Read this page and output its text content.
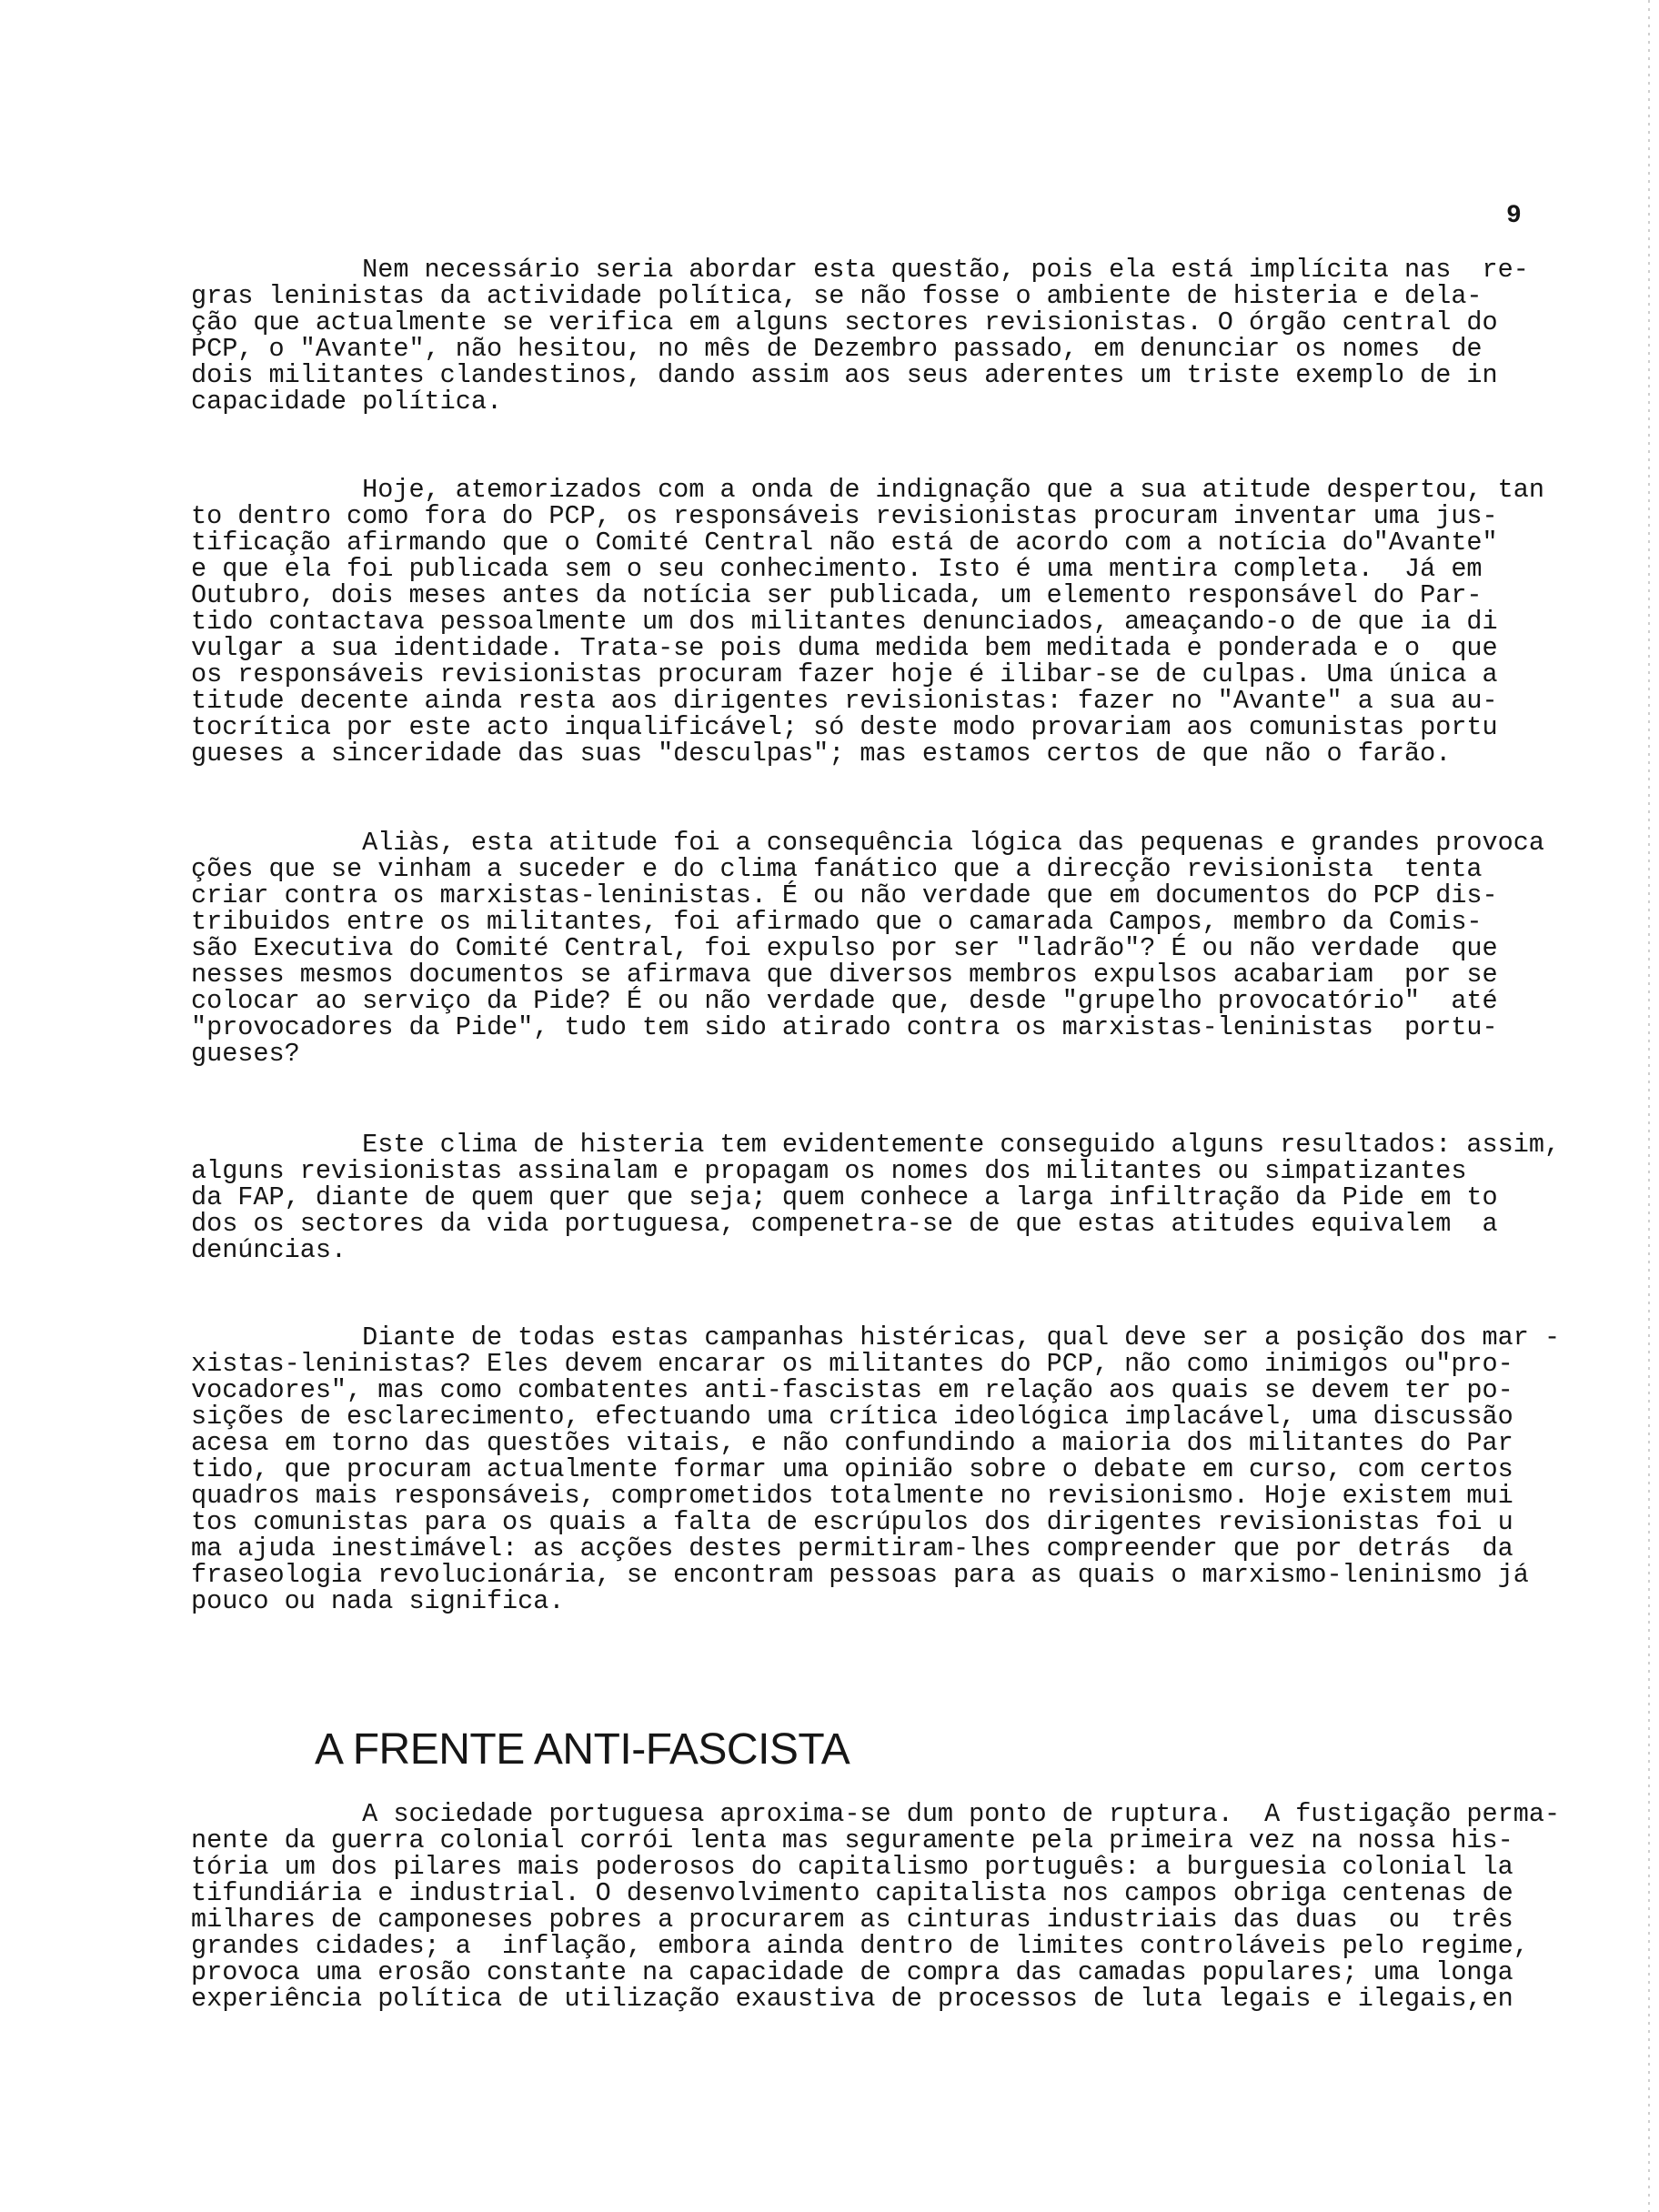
9
Nem necessário seria abordar esta questão, pois ela está implícita nas  re-
gras leninistas da actividade política, se não fosse o ambiente de histeria e dela-
ção que actualmente se verifica em alguns sectores revisionistas. O órgão central do
PCP, o "Avante", não hesitou, no mês de Dezembro passado, em denunciar os nomes  de
dois militantes clandestinos, dando assim aos seus aderentes um triste exemplo de in
capacidade política.
Hoje, atemorizados com a onda de indignação que a sua atitude despertou, tan
to dentro como fora do PCP, os responsáveis revisionistas procuram inventar uma jus-
tificação afirmando que o Comité Central não está de acordo com a notícia do"Avante"
e que ela foi publicada sem o seu conhecimento. Isto é uma mentira completa.  Já em
Outubro, dois meses antes da notícia ser publicada, um elemento responsável do Par-
tido contactava pessoalmente um dos militantes denunciados, ameaçando-o de que ia di
vulgar a sua identidade. Trata-se pois duma medida bem meditada e ponderada e o  que
os responsáveis revisionistas procuram fazer hoje é ilibar-se de culpas. Uma única a
titude decente ainda resta aos dirigentes revisionistas: fazer no "Avante" a sua au-
tocrítica por este acto inqualificável; só deste modo provariam aos comunistas portu
gueses a sinceridade das suas "desculpas"; mas estamos certos de que não o farão.
Aliàs, esta atitude foi a consequência lógica das pequenas e grandes provoca
ções que se vinham a suceder e do clima fanático que a direcção revisionista  tenta
criar contra os marxistas-leninistas. É ou não verdade que em documentos do PCP dis-
tribuidos entre os militantes, foi afirmado que o camarada Campos, membro da Comis-
são Executiva do Comité Central, foi expulso por ser "ladrão"? É ou não verdade  que
nesses mesmos documentos se afirmava que diversos membros expulsos acabariam  por se
colocar ao serviço da Pide? É ou não verdade que, desde "grupelho provocatório"  até
"provocadores da Pide", tudo tem sido atirado contra os marxistas-leninistas  portu-
gueses?
Este clima de histeria tem evidentemente conseguido alguns resultados: assim,
alguns revisionistas assinalam e propagam os nomes dos militantes ou simpatizantes
da FAP, diante de quem quer que seja; quem conhece a larga infiltração da Pide em to
dos os sectores da vida portuguesa, compenetra-se de que estas atitudes equivalem  a
denúncias.
Diante de todas estas campanhas histéricas, qual deve ser a posição dos mar -
xistas-leninistas? Eles devem encarar os militantes do PCP, não como inimigos ou"pro-
vocadores", mas como combatentes anti-fascistas em relação aos quais se devem ter po-
sições de esclarecimento, efectuando uma crítica ideológica implacável, uma discussão
acesa em torno das questões vitais, e não confundindo a maioria dos militantes do Par
tido, que procuram actualmente formar uma opinião sobre o debate em curso, com certos
quadros mais responsáveis, comprometidos totalmente no revisionismo. Hoje existem mui
tos comunistas para os quais a falta de escrúpulos dos dirigentes revisionistas foi u
ma ajuda inestimável: as acções destes permitiram-lhes compreender que por detrás  da
fraseologia revolucionária, se encontram pessoas para as quais o marxismo-leninismo já
pouco ou nada significa.
A FRENTE ANTI-FASCISTA
A sociedade portuguesa aproxima-se dum ponto de ruptura.  A fustigação perma-
nente da guerra colonial corrói lenta mas seguramente pela primeira vez na nossa his-
tória um dos pilares mais poderosos do capitalismo português: a burguesia colonial la
tifundiária e industrial. O desenvolvimento capitalista nos campos obriga centenas de
milhares de camponeses pobres a procurarem as cinturas industriais das duas  ou  três
grandes cidades; a  inflação, embora ainda dentro de limites controláveis pelo regime,
provoca uma erosão constante na capacidade de compra das camadas populares; uma longa
experiência política de utilização exaustiva de processos de luta legais e ilegais,en
